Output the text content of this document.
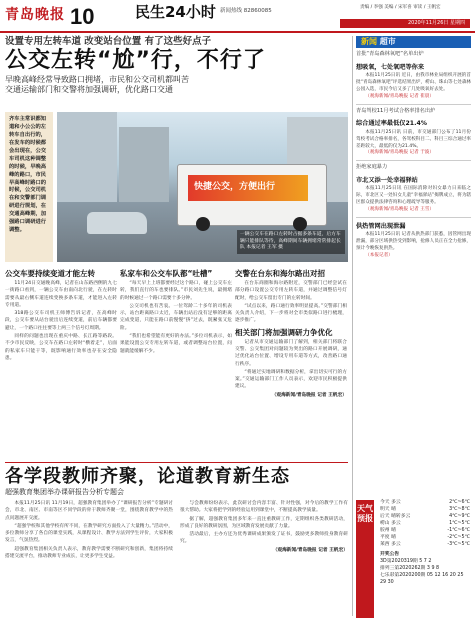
青岛晚报 10	民生24小时 新闻热线 82860085
责编 / 李强 美编 / 宋军喜 审读 / 王帆宏
2020年11月26日 星期四
设置专用左转车道 改变站台位置 有了这些好点子
公交左转“尬”行，不行了
早晚高峰经常导致路口拥堵，市民和公交司机都叫苦
交通运输部门和交警将加强调研，优化路口交通
齐车主常识都知道和小公公的左转车自出行的，在发车的时候都会出现在，公交车司机这种调整的时候，早晚高峰的路口，市民早高峰时路口的时候，公交司机在和交警部门调研进行规划，在交通高峰期，加强路口调研进行调整。
快捷公交，方便出行
一辆公交车在路口左转时占据多条车道，后方车辆只能排队等待，高峰期间车辆拥堵常常排起长队 本报记者 王军 摄
公交车要持续变道才能左转

11月24日交通晚高峰，记者在山东路西侧的九七一街路口看到，一辆公交车由南向北行驶，在左转时需要从最右侧车道连续变换多条车道，才能进入左转专用道。

318路公交车司机王师傅告诉记者，在高峰时段，公交车要从站台驶出后连续变道，前后车辆都要避让，一个路口往往要等上两三个信号灯周期。

同样的问题也出现在重庆中路、长江路等路段。不少市民反映，公交车在路口左转时“横着走”，后面的私家车只能干等，既影响通行效率也存在安全隐患。

私家车和公交车队都“吐槽”

“每天早上上班都要经过这个路口，碰上公交车左转，我们直行的车也要排队。”市民刘先生说，最拥堵的时候通过一个路口需要十多分钟。

公交司机也有苦衷。一位驾龄二十多年的司机表示，站台距离路口太近，车辆出站后没有足够的距离完成变道，只能在路口前慢慢“挤”过去，既紧张又危险。

“我们也希望能有更好的办法。”多位司机表示，如果能设置公交专用左转车道，或者调整站台位置，问题就能缓解不少。

交警在台东和海尔路出对招

在台东商圈和海尔路附近，交警部门已经尝试在部分路口设置公交专用左转车道，并通过调整信号灯配时，给公交车留出专门的左转时间。

“试点以来，路口通行效率明显提高。”交警部门相关负责人介绍，下一步将对全市类似路口进行梳理，逐步推广。

相关部门将加强调研力争优化

记者从市交通运输部门了解到，相关部门将联合交警、公交集团对问题较为突出的路口开展调研，通过优化站台位置、增设专用车道等方式，改善路口通行秩序。

“将通过实地调研和数据分析，拿出切实可行的方案。”交通运输部门工作人员表示，欢迎市民积极提供建议。

（观海新闻/青岛晚报 记者 王帆宏）

各学段教师齐聚，论道教育新生态
超强教育集团举办课研报告分析专题会

本报11月25日讯 11月19日，超强教育集团举办了“课研报告分析”专题研讨会，市北、南区、市南等区不同学段的骨干教师齐聚一堂，围绕教育教学中的热点问题展开交流。

“超强学校和其他学校有所不同，在教学研究方面投入了大量精力。”活动中，多位教师分享了各自的课堂实践，从课程设计、教学方法到学生评价，大家积极发言，气氛热烈。

超强教育集团相关负责人表示，教育教学需要不断研究和创新，集团将持续搭建交流平台，推动教师专业成长，让更多学生受益。

与会教师纷纷表示，此次研讨会内容丰富、针对性强，对今后的教学工作有很大帮助。大家将把学到的经验运用到课堂中，不断提高教学质量。

据了解，超强教育集团多年来一直注重教研工作，定期组织各类教研活动，形成了良好的教研氛围，为区域教育发展贡献了力量。

活动最后，主办方还为优秀课研成果颁发了证书，鼓励更多教师投身教育研究。

（观海新闻/青岛晚报 记者 王帆宏）

新闻 超市
首批“青岛森林氧吧”名单出炉
想吸氧，七处氧吧等你来

本报11月25日讯 近日，由我市林业局组织开展的首批“青岛森林氧吧”评选结果出炉，崂山、珠山等七处森林公园入选，市民今后又多了几处吸氧好去处。

（观海新闻/青岛晚报 记者 崔晨）

青岛驾校11月考试合格率排名出炉
综合通过率最低仅21.4%

本报11月25日讯 日前，市交通部门公布了11月份驾校考试合格率排名，各驾校科目二、科目三综合通过率差距较大，最低的仅为21.4%。

（观海新闻/青岛晚报 记者 于波）

拒绝家庭暴力
市北又添一处幸福驿站

本报11月25日讯 在国际消除对妇女暴力日来临之际，市北区又一处妇女儿童“幸福驿站”揭牌成立，将为辖区群众提供法律咨询和心理疏导等服务。

（观海新闻/青岛晚报 记者 王雪）

供热管网出现泄漏

本报11月25日讯 记者从供热部门获悉，因管网出现泄漏，部分区域供热受到影响，抢修人员正在全力抢修，预计今晚恢复供热。

（本报记者）

天气预报
今天 多云	2℃~6℃
明天 晴	3℃~8℃
后天 晴转多云	4℃~9℃
崂山 多云	1℃~5℃
胶州 晴	-1℃~6℃
平度 晴	-2℃~5℃
莱西 多云	-3℃~5℃
开奖公告

3D第2020319期 5 7 2

排列三第2020262期 3 9 8

七乐彩第2020200期 05 12 16 20 25 29 30
